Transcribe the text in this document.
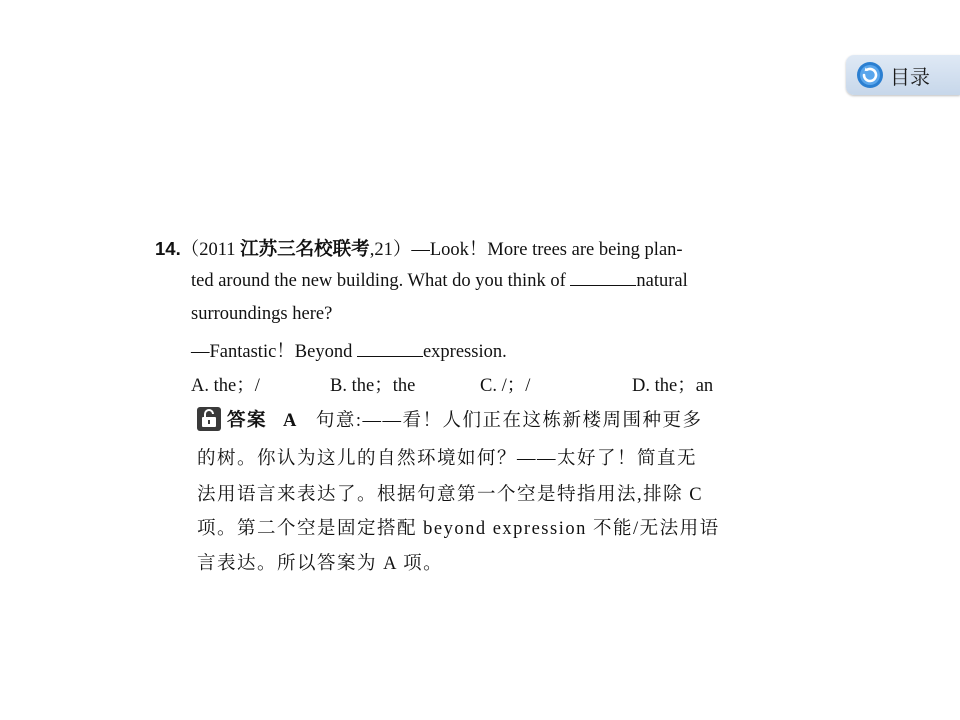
目录
14.（2011 江苏三名校联考,21）—Look！More trees are being plan-
ted around the new building. What do you think of	natural
surroundings here?
—Fantastic！Beyond	expression.
A. the；/	B. the；the	C. /；/	D. the；an
答案 A 句意:——看！人们正在这栋新楼周围种更多
的树。你认为这儿的自然环境如何？——太好了！简直无
法用语言来表达了。根据句意第一个空是特指用法,排除 C
项。第二个空是固定搭配 beyond expression 不能/无法用语
言表达。所以答案为 A 项。
